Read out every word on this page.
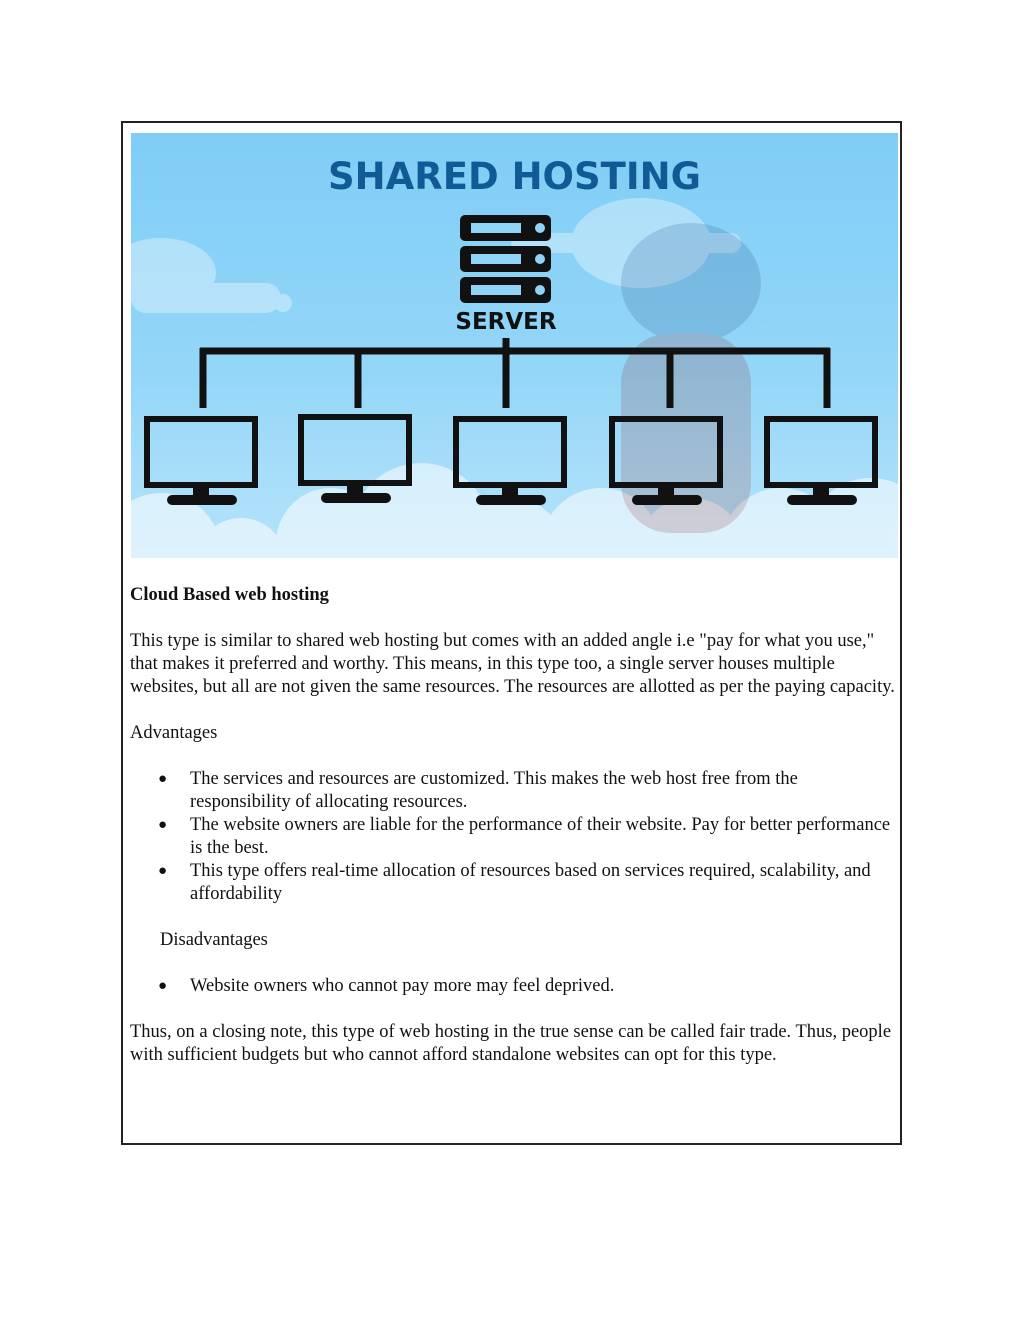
SHARED HOSTING
SERVER

Cloud Based web hosting

This type is similar to shared web hosting but comes with an added angle i.e "pay for what you use," that makes it preferred and worthy. This means, in this type too, a single server houses multiple websites, but all are not given the same resources. The resources are allotted as per the paying capacity.

Advantages

● The services and resources are customized. This makes the web host free from the responsibility of allocating resources.
● The website owners are liable for the performance of their website. Pay for better performance is the best.
● This type offers real-time allocation of resources based on services required, scalability, and affordability

Disadvantages

● Website owners who cannot pay more may feel deprived.

Thus, on a closing note, this type of web hosting in the true sense can be called fair trade. Thus, people with sufficient budgets but who cannot afford standalone websites can opt for this type.
